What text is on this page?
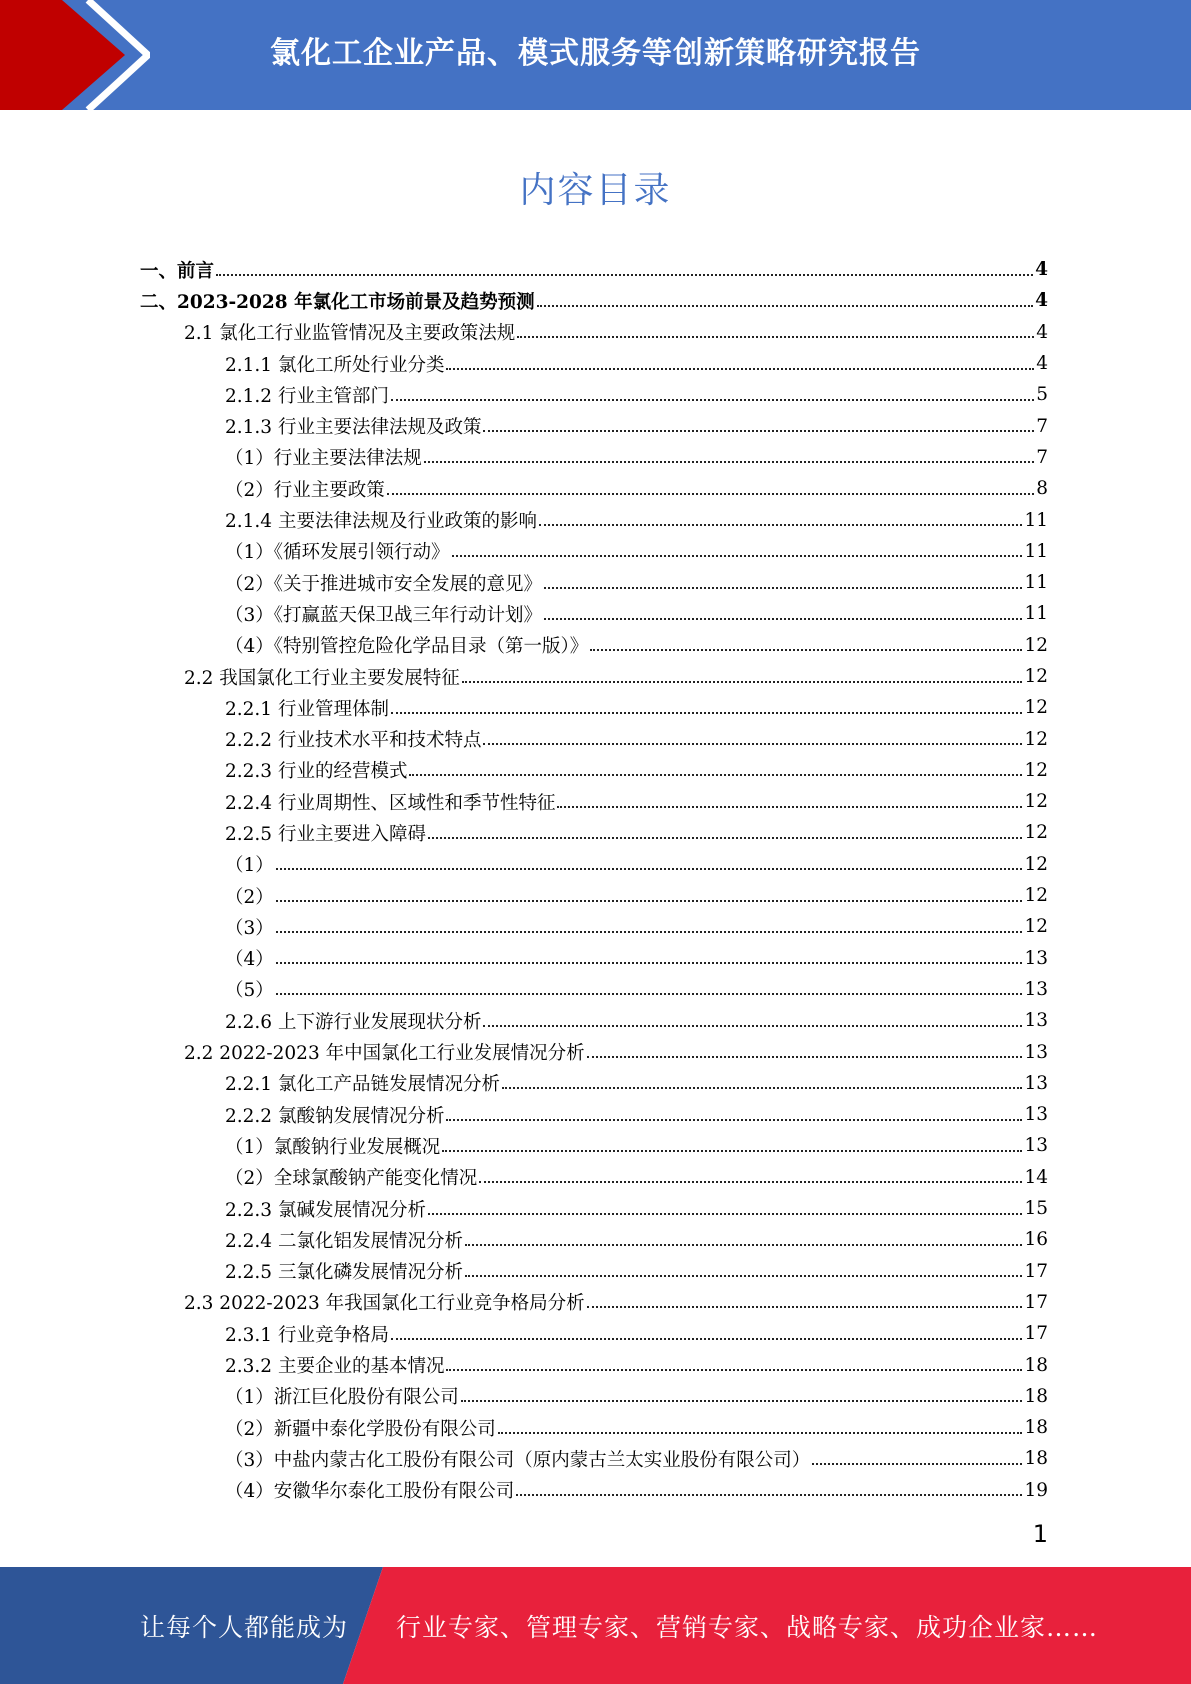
氯化工企业产品、模式服务等创新策略研究报告
内容目录
一、前言	4
二、2023-2028 年氯化工市场前景及趋势预测	4
2.1 氯化工行业监管情况及主要政策法规	4
2.1.1 氯化工所处行业分类	4
2.1.2 行业主管部门	5
2.1.3 行业主要法律法规及政策	7
（1）行业主要法律法规	7
（2）行业主要政策	8
2.1.4 主要法律法规及行业政策的影响	11
（1）《循环发展引领行动》	11
（2）《关于推进城市安全发展的意见》	11
（3）《打赢蓝天保卫战三年行动计划》	11
（4）《特别管控危险化学品目录（第一版）》	12
2.2 我国氯化工行业主要发展特征	12
2.2.1 行业管理体制	12
2.2.2 行业技术水平和技术特点	12
2.2.3 行业的经营模式	12
2.2.4 行业周期性、区域性和季节性特征	12
2.2.5 行业主要进入障碍	12
（1）	12
（2）	12
（3）	12
（4）	13
（5）	13
2.2.6 上下游行业发展现状分析	13
2.2 2022-2023 年中国氯化工行业发展情况分析	13
2.2.1 氯化工产品链发展情况分析	13
2.2.2 氯酸钠发展情况分析	13
（1）氯酸钠行业发展概况	13
（2）全球氯酸钠产能变化情况	14
2.2.3 氯碱发展情况分析	15
2.2.4 二氯化铝发展情况分析	16
2.2.5 三氯化磷发展情况分析	17
2.3 2022-2023 年我国氯化工行业竞争格局分析	17
2.3.1 行业竞争格局	17
2.3.2 主要企业的基本情况	18
（1）浙江巨化股份有限公司	18
（2）新疆中泰化学股份有限公司	18
（3）中盐内蒙古化工股份有限公司（原内蒙古兰太实业股份有限公司）	18
（4）安徽华尔泰化工股份有限公司	19
1
让每个人都能成为 行业专家、管理专家、营销专家、战略专家、成功企业家……
